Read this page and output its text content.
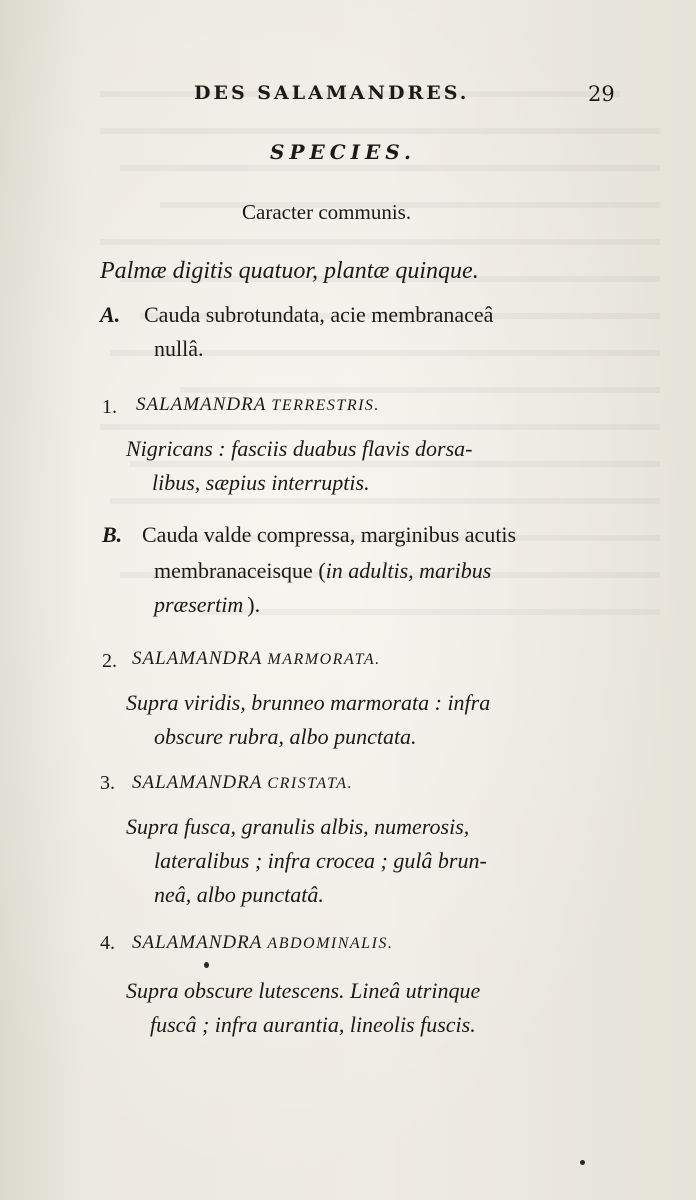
DES SALAMANDRES.	29
SPECIES.
Caracter communis.
Palmæ digitis quatuor, plantæ quinque.
A. Cauda subrotundata, acie membranaceâ
nullâ.
1. SALAMANDRA TERRESTRIS.
Nigricans : fasciis duabus flavis dorsa-
libus, sæpius interruptis.
B. Cauda valde compressa, marginibus acutis
membranaceisque (in adultis, maribus
præsertim ).
2. SALAMANDRA MARMORATA.
Supra viridis, brunneo marmorata : infra
obscure rubra, albo punctata.
3. SALAMANDRA CRISTATA.
Supra fusca, granulis albis, numerosis,
lateralibus ; infra crocea ; gulâ brun-
neâ, albo punctatâ.
4. SALAMANDRA ABDOMINALIS.
Supra obscure lutescens. Lineâ utrinque
fuscâ ; infra aurantia, lineolis fuscis.
